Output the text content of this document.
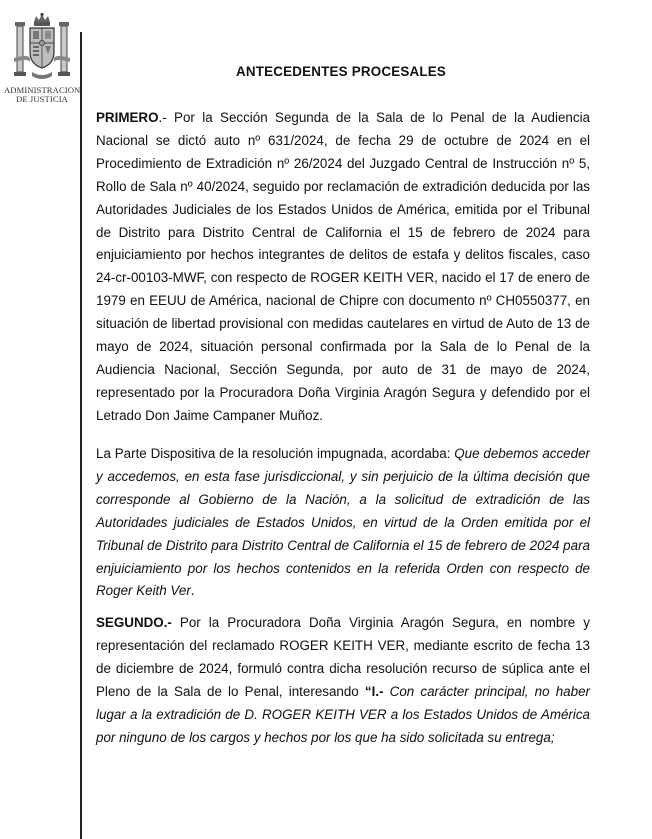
ADMINISTRACION
DE JUSTICIA
ANTECEDENTES PROCESALES

PRIMERO.- Por la Sección Segunda de la Sala de lo Penal de la Audiencia Nacional se dictó auto nº 631/2024, de fecha 29 de octubre de 2024 en el Procedimiento de Extradición nº 26/2024 del Juzgado Central de Instrucción nº 5, Rollo de Sala nº 40/2024, seguido por reclamación de extradición deducida por las Autoridades Judiciales de los Estados Unidos de América, emitida por el Tribunal de Distrito para Distrito Central de California el 15 de febrero de 2024 para enjuiciamiento por hechos integrantes de delitos de estafa y delitos fiscales, caso 24-cr-00103-MWF, con respecto de ROGER KEITH VER, nacido el 17 de enero de 1979 en EEUU de América, nacional de Chipre con documento nº CH0550377, en situación de libertad provisional con medidas cautelares en virtud de Auto de 13 de mayo de 2024, situación personal confirmada por la Sala de lo Penal de la Audiencia Nacional, Sección Segunda, por auto de 31 de mayo de 2024, representado por la Procuradora Doña Virginia Aragón Segura y defendido por el Letrado Don Jaime Campaner Muñoz.

La Parte Dispositiva de la resolución impugnada, acordaba: Que debemos acceder y accedemos, en esta fase jurisdiccional, y sin perjuicio de la última decisión que corresponde al Gobierno de la Nación, a la solicitud de extradición de las Autoridades judiciales de Estados Unidos, en virtud de la Orden emitida por el Tribunal de Distrito para Distrito Central de California el 15 de febrero de 2024 para enjuiciamiento por los hechos contenidos en la referida Orden con respecto de Roger Keith Ver.

SEGUNDO.- Por la Procuradora Doña Virginia Aragón Segura, en nombre y representación del reclamado ROGER KEITH VER, mediante escrito de fecha 13 de diciembre de 2024, formuló contra dicha resolución recurso de súplica ante el Pleno de la Sala de lo Penal, interesando “I.- Con carácter principal, no haber lugar a la extradición de D. ROGER KEITH VER a los Estados Unidos de América por ninguno de los cargos y hechos por los que ha sido solicitada su entrega;
